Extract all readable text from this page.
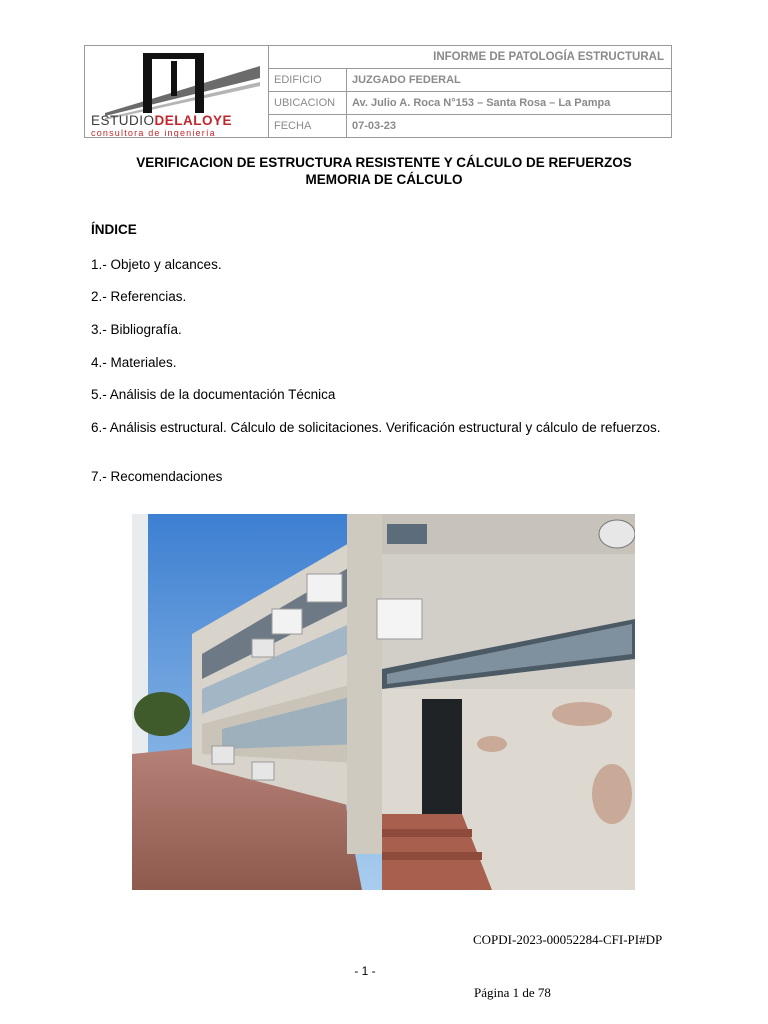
ESTUDIODELALOYE
consultora de ingeniería
INFORME DE PATOLOGÍA ESTRUCTURAL
EDIFICIO	JUZGADO FEDERAL
UBICACION	Av. Julio A. Roca N°153 – Santa Rosa – La Pampa
FECHA	07-03-23
VERIFICACION DE ESTRUCTURA RESISTENTE Y CÁLCULO DE REFUERZOS
MEMORIA DE CÁLCULO
ÍNDICE
1.- Objeto y alcances.
2.- Referencias.
3.- Bibliografía.
4.- Materiales.
5.- Análisis de la documentación Técnica
6.- Análisis estructural. Cálculo de solicitaciones. Verificación estructural y cálculo de refuerzos.
7.- Recomendaciones
COPDI-2023-00052284-CFI-PI#DP
- 1 -
Página 1 de 78
